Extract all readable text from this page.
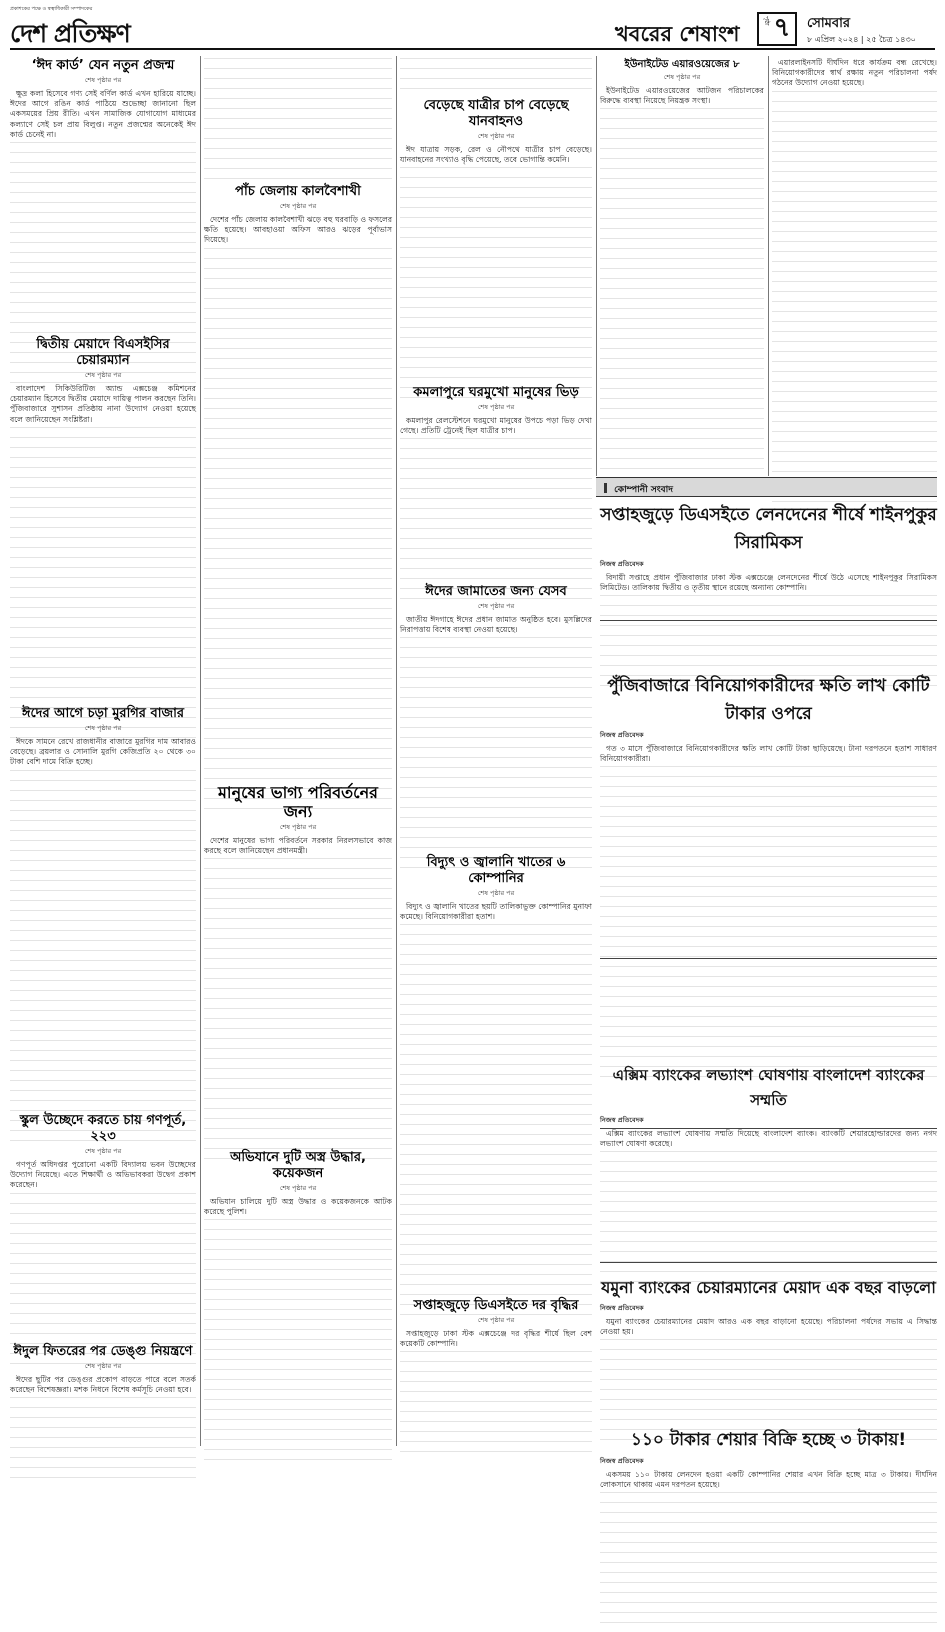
প্রকাশকের পক্ষে ও স্বত্বাধিকারী সম্পাদকের
দেশ প্রতিক্ষণ	খবরের শেষাংশ
পৃষ্ঠা ৭ সোমবার
৮ এপ্রিল ২০২৪ | ২৫ চৈত্র ১৪৩০
‘ঈদ কার্ড’ যেন নতুন প্রজন্ম
শেষ পৃষ্ঠার পর

ক্ষুদ্র কলা হিসেবে গণ্য সেই বর্ণিল কার্ড এখন হারিয়ে যাচ্ছে। ঈদের আগে রঙিন কার্ড পাঠিয়ে শুভেচ্ছা জানানো ছিল একসময়ের প্রিয় রীতি। এখন সামাজিক যোগাযোগ মাধ্যমের কল্যাণে সেই চল প্রায় বিলুপ্ত। নতুন প্রজন্মের অনেকেই ঈদ কার্ড চেনেই না।

দ্বিতীয় মেয়াদে বিএসইসির চেয়ারম্যান
শেষ পৃষ্ঠার পর

বাংলাদেশ সিকিউরিটিজ অ্যান্ড এক্সচেঞ্জ কমিশনের চেয়ারম্যান হিসেবে দ্বিতীয় মেয়াদে দায়িত্ব পালন করছেন তিনি। পুঁজিবাজারে সুশাসন প্রতিষ্ঠায় নানা উদ্যোগ নেওয়া হয়েছে বলে জানিয়েছেন সংশ্লিষ্টরা।

ঈদের আগে চড়া মুরগির বাজার
শেষ পৃষ্ঠার পর

ঈদকে সামনে রেখে রাজধানীর বাজারে মুরগির দাম আবারও বেড়েছে। ব্রয়লার ও সোনালি মুরগি কেজিপ্রতি ২০ থেকে ৩০ টাকা বেশি দামে বিক্রি হচ্ছে।

স্কুল উচ্ছেদে করতে চায় গণপূর্ত, ২২৩
শেষ পৃষ্ঠার পর

গণপূর্ত অধিদপ্তর পুরোনো একটি বিদ্যালয় ভবন উচ্ছেদের উদ্যোগ নিয়েছে। এতে শিক্ষার্থী ও অভিভাবকরা উদ্বেগ প্রকাশ করেছেন।

ঈদুল ফিতরের পর ডেঙ্গু নিয়ন্ত্রণে
শেষ পৃষ্ঠার পর

ঈদের ছুটির পর ডেঙ্গুর প্রকোপ বাড়তে পারে বলে সতর্ক করেছেন বিশেষজ্ঞরা। মশক নিধনে বিশেষ কর্মসূচি নেওয়া হবে।

পাঁচ জেলায় কালবৈশাখী
শেষ পৃষ্ঠার পর

দেশের পাঁচ জেলায় কালবৈশাখী ঝড়ে বহু ঘরবাড়ি ও ফসলের ক্ষতি হয়েছে। আবহাওয়া অফিস আরও ঝড়ের পূর্বাভাস দিয়েছে।

মানুষের ভাগ্য পরিবর্তনের জন্য
শেষ পৃষ্ঠার পর

দেশের মানুষের ভাগ্য পরিবর্তনে সরকার নিরলসভাবে কাজ করছে বলে জানিয়েছেন প্রধানমন্ত্রী।

অভিযানে দুটি অস্ত্র উদ্ধার, কয়েকজন
শেষ পৃষ্ঠার পর

অভিযান চালিয়ে দুটি অস্ত্র উদ্ধার ও কয়েকজনকে আটক করেছে পুলিশ।

বেড়েছে যাত্রীর চাপ বেড়েছে যানবাহনও
শেষ পৃষ্ঠার পর

ঈদ যাত্রায় সড়ক, রেল ও নৌপথে যাত্রীর চাপ বেড়েছে। যানবাহনের সংখ্যাও বৃদ্ধি পেয়েছে, তবে ভোগান্তি কমেনি।

কমলাপুরে ঘরমুখো মানুষের ভিড়
শেষ পৃষ্ঠার পর

কমলাপুর রেলস্টেশনে ঘরমুখো মানুষের উপচে পড়া ভিড় দেখা গেছে। প্রতিটি ট্রেনেই ছিল যাত্রীর চাপ।

ঈদের জামাতের জন্য যেসব
শেষ পৃষ্ঠার পর

জাতীয় ঈদগাহে ঈদের প্রধান জামাত অনুষ্ঠিত হবে। মুসল্লিদের নিরাপত্তায় বিশেষ ব্যবস্থা নেওয়া হয়েছে।

বিদ্যুৎ ও জ্বালানি খাতের ৬ কোম্পানির
শেষ পৃষ্ঠার পর

বিদ্যুৎ ও জ্বালানি খাতের ছয়টি তালিকাভুক্ত কোম্পানির মুনাফা কমেছে। বিনিয়োগকারীরা হতাশ।

সপ্তাহজুড়ে ডিএসইতে দর বৃদ্ধির
শেষ পৃষ্ঠার পর

সপ্তাহজুড়ে ঢাকা স্টক এক্সচেঞ্জে দর বৃদ্ধির শীর্ষে ছিল বেশ কয়েকটি কোম্পানি।

ইউনাইটেড এয়ারওয়েজের ৮
শেষ পৃষ্ঠার পর

ইউনাইটেড এয়ারওয়েজের আটজন পরিচালকের বিরুদ্ধে ব্যবস্থা নিয়েছে নিয়ন্ত্রক সংস্থা।

এয়ারলাইনসটি দীর্ঘদিন ধরে কার্যক্রম বন্ধ রেখেছে। বিনিয়োগকারীদের স্বার্থ রক্ষায় নতুন পরিচালনা পর্ষদ গঠনের উদ্যোগ নেওয়া হয়েছে।

কোম্পানী সংবাদ
সপ্তাহজুড়ে ডিএসইতে লেনদেনের শীর্ষে শাইনপুকুর সিরামিকস
নিজস্ব প্রতিবেদক

বিদায়ী সপ্তাহে প্রধান পুঁজিবাজার ঢাকা স্টক এক্সচেঞ্জে লেনদেনের শীর্ষে উঠে এসেছে শাইনপুকুর সিরামিকস লিমিটেড। তালিকায় দ্বিতীয় ও তৃতীয় স্থানে রয়েছে অন্যান্য কোম্পানি।

পুঁজিবাজারে বিনিয়োগকারীদের ক্ষতি লাখ কোটি টাকার ওপরে
নিজস্ব প্রতিবেদক

গত ৩ মাসে পুঁজিবাজারে বিনিয়োগকারীদের ক্ষতি লাখ কোটি টাকা ছাড়িয়েছে। টানা দরপতনে হতাশ সাধারণ বিনিয়োগকারীরা।

এক্সিম ব্যাংকের লভ্যাংশ ঘোষণায় বাংলাদেশ ব্যাংকের সম্মতি
নিজস্ব প্রতিবেদক

এক্সিম ব্যাংকের লভ্যাংশ ঘোষণায় সম্মতি দিয়েছে বাংলাদেশ ব্যাংক। ব্যাংকটি শেয়ারহোল্ডারদের জন্য নগদ লভ্যাংশ ঘোষণা করেছে।

যমুনা ব্যাংকের চেয়ারম্যানের মেয়াদ এক বছর বাড়লো
নিজস্ব প্রতিবেদক

যমুনা ব্যাংকের চেয়ারম্যানের মেয়াদ আরও এক বছর বাড়ানো হয়েছে। পরিচালনা পর্ষদের সভায় এ সিদ্ধান্ত নেওয়া হয়।

১১০ টাকার শেয়ার বিক্রি হচ্ছে ৩ টাকায়!
নিজস্ব প্রতিবেদক

একসময় ১১০ টাকায় লেনদেন হওয়া একটি কোম্পানির শেয়ার এখন বিক্রি হচ্ছে মাত্র ৩ টাকায়। দীর্ঘদিন লোকসানে থাকায় এমন দরপতন হয়েছে।
